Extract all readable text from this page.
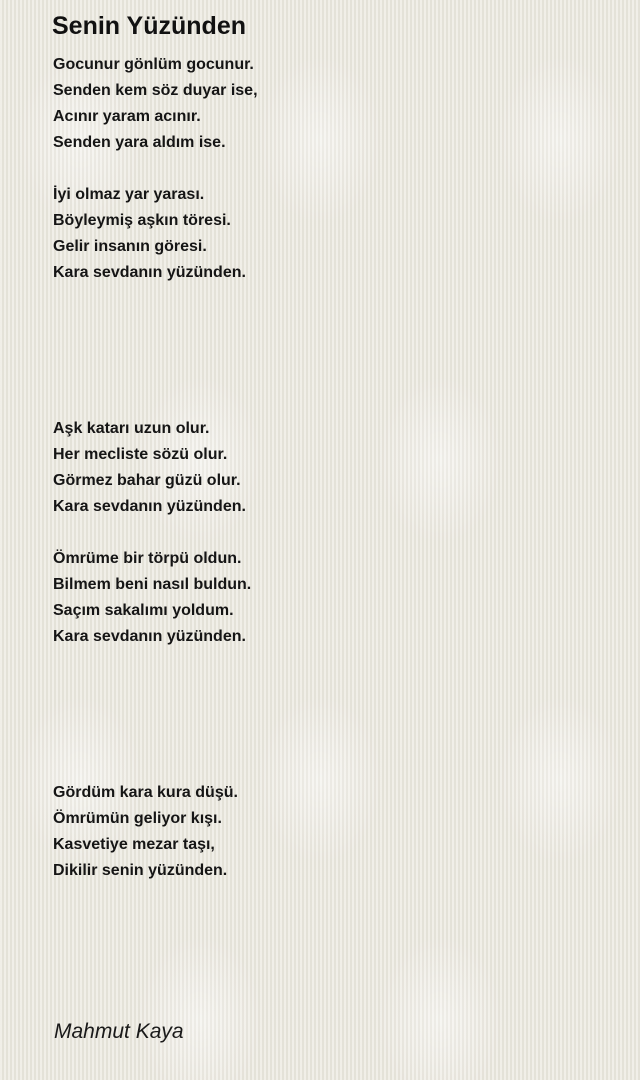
Senin Yüzünden
Gocunur gönlüm gocunur.
Senden kem söz duyar ise,
Acınır yaram acınır.
Senden yara aldım ise.
İyi olmaz yar yarası.
Böyleymiş aşkın töresi.
Gelir insanın göresi.
Kara sevdanın yüzünden.
Aşk katarı uzun olur.
Her mecliste sözü olur.
Görmez bahar güzü olur.
Kara sevdanın yüzünden.
Ömrüme bir törpü oldun.
Bilmem beni nasıl buldun.
Saçım sakalımı yoldum.
Kara sevdanın yüzünden.
Gördüm kara kura düşü.
Ömrümün geliyor kışı.
Kasvetiye mezar taşı,
Dikilir senin yüzünden.
Mahmut Kaya
